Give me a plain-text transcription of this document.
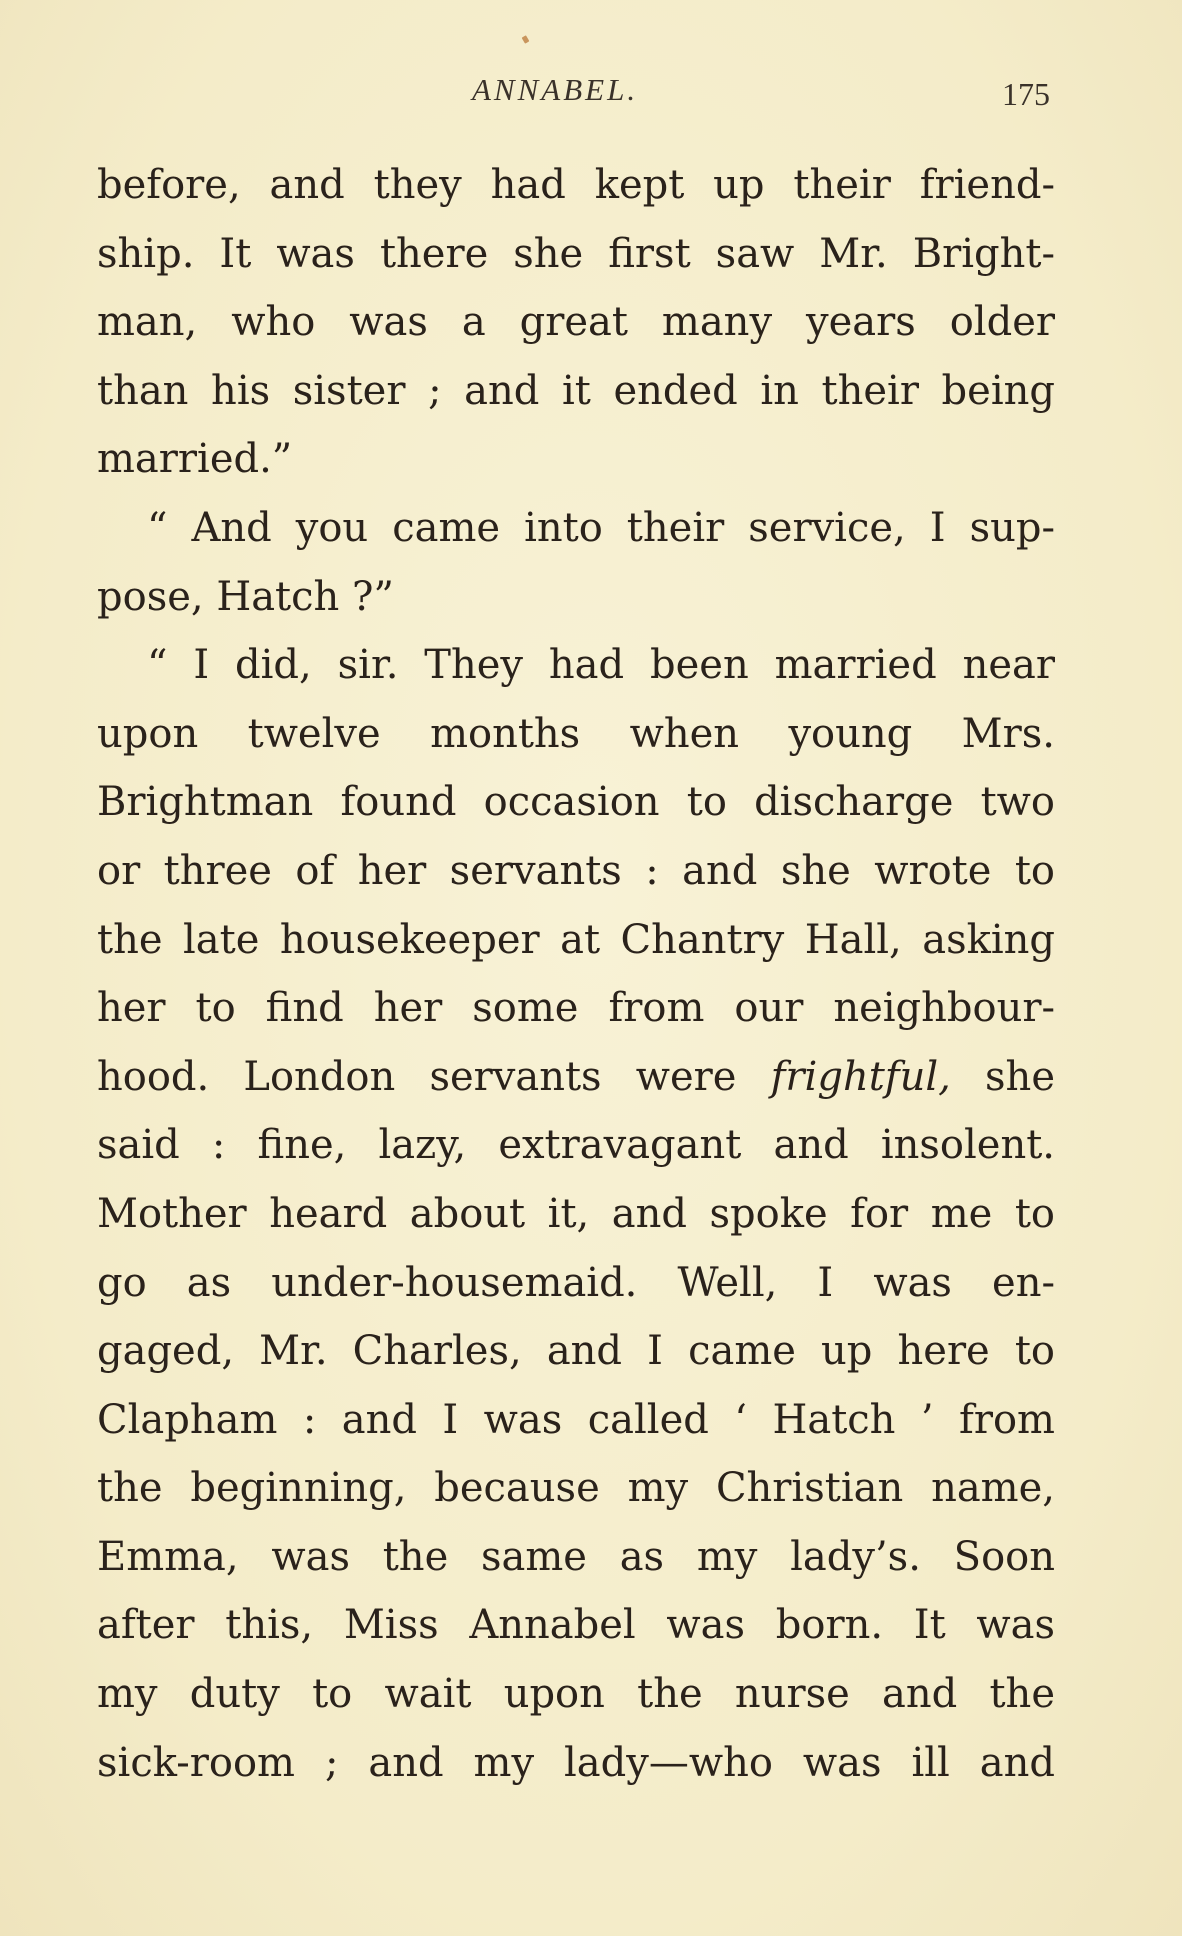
ANNABEL.	175
before, and they had kept up their friend-
ship. It was there she first saw Mr. Bright-
man, who was a great many years older
than his sister ; and it ended in their being
married.”
“ And you came into their service, I sup-
pose, Hatch ?”
“ I did, sir. They had been married near
upon twelve months when young Mrs.
Brightman found occasion to discharge two
or three of her servants : and she wrote to
the late housekeeper at Chantry Hall, asking
her to find her some from our neighbour-
hood. London servants were frightful, she
said : fine, lazy, extravagant and insolent.
Mother heard about it, and spoke for me to
go as under-housemaid. Well, I was en-
gaged, Mr. Charles, and I came up here to
Clapham : and I was called ‘ Hatch ’ from
the beginning, because my Christian name,
Emma, was the same as my lady’s. Soon
after this, Miss Annabel was born. It was
my duty to wait upon the nurse and the
sick-room ; and my lady—who was ill and
